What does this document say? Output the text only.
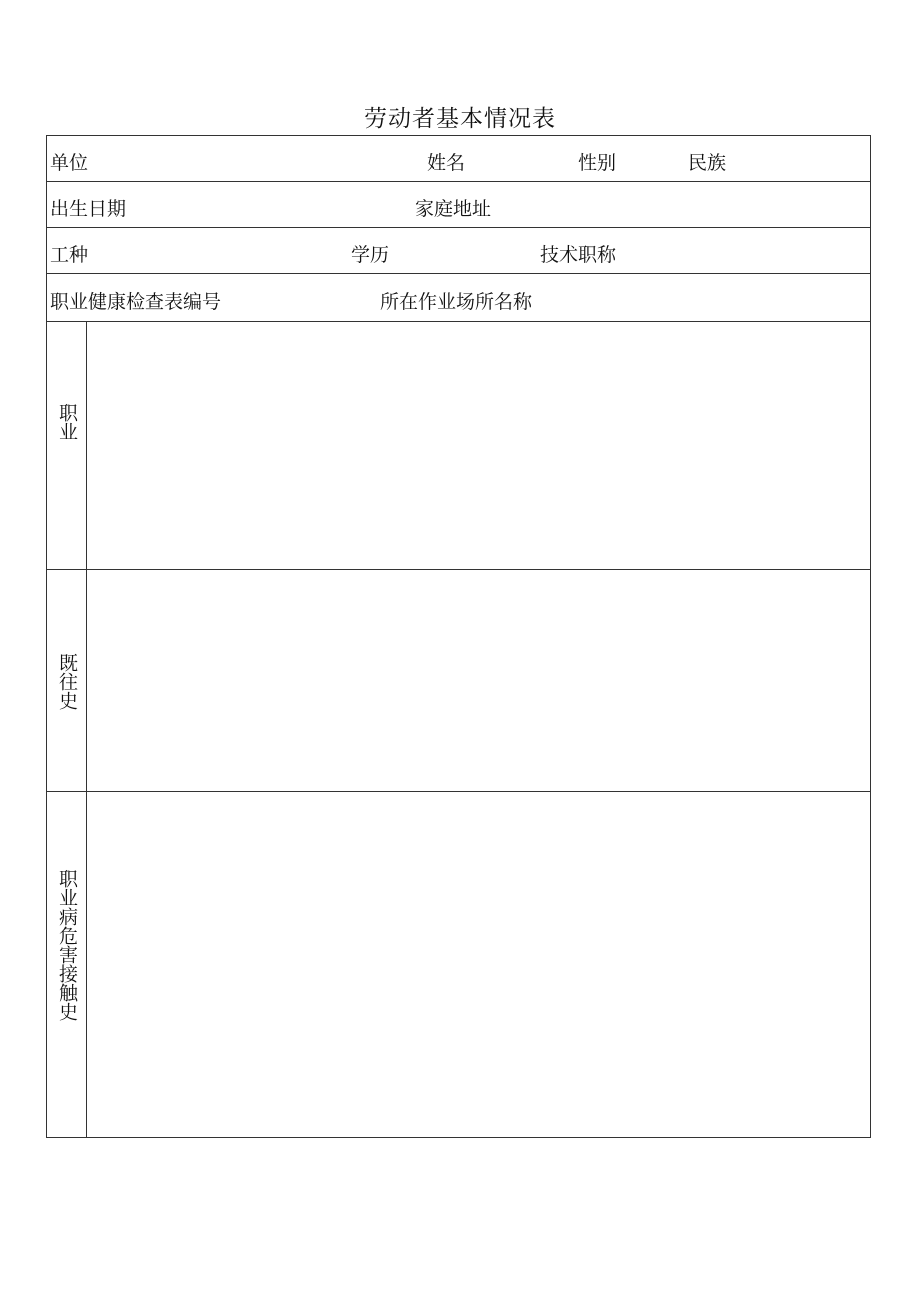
劳动者基本情况表
单位	姓名	性别	民族
出生日期	家庭地址
工种	学历	技术职称
职业健康检查表编号	所在作业场所名称
职业
既往史
职业病危害接触史
